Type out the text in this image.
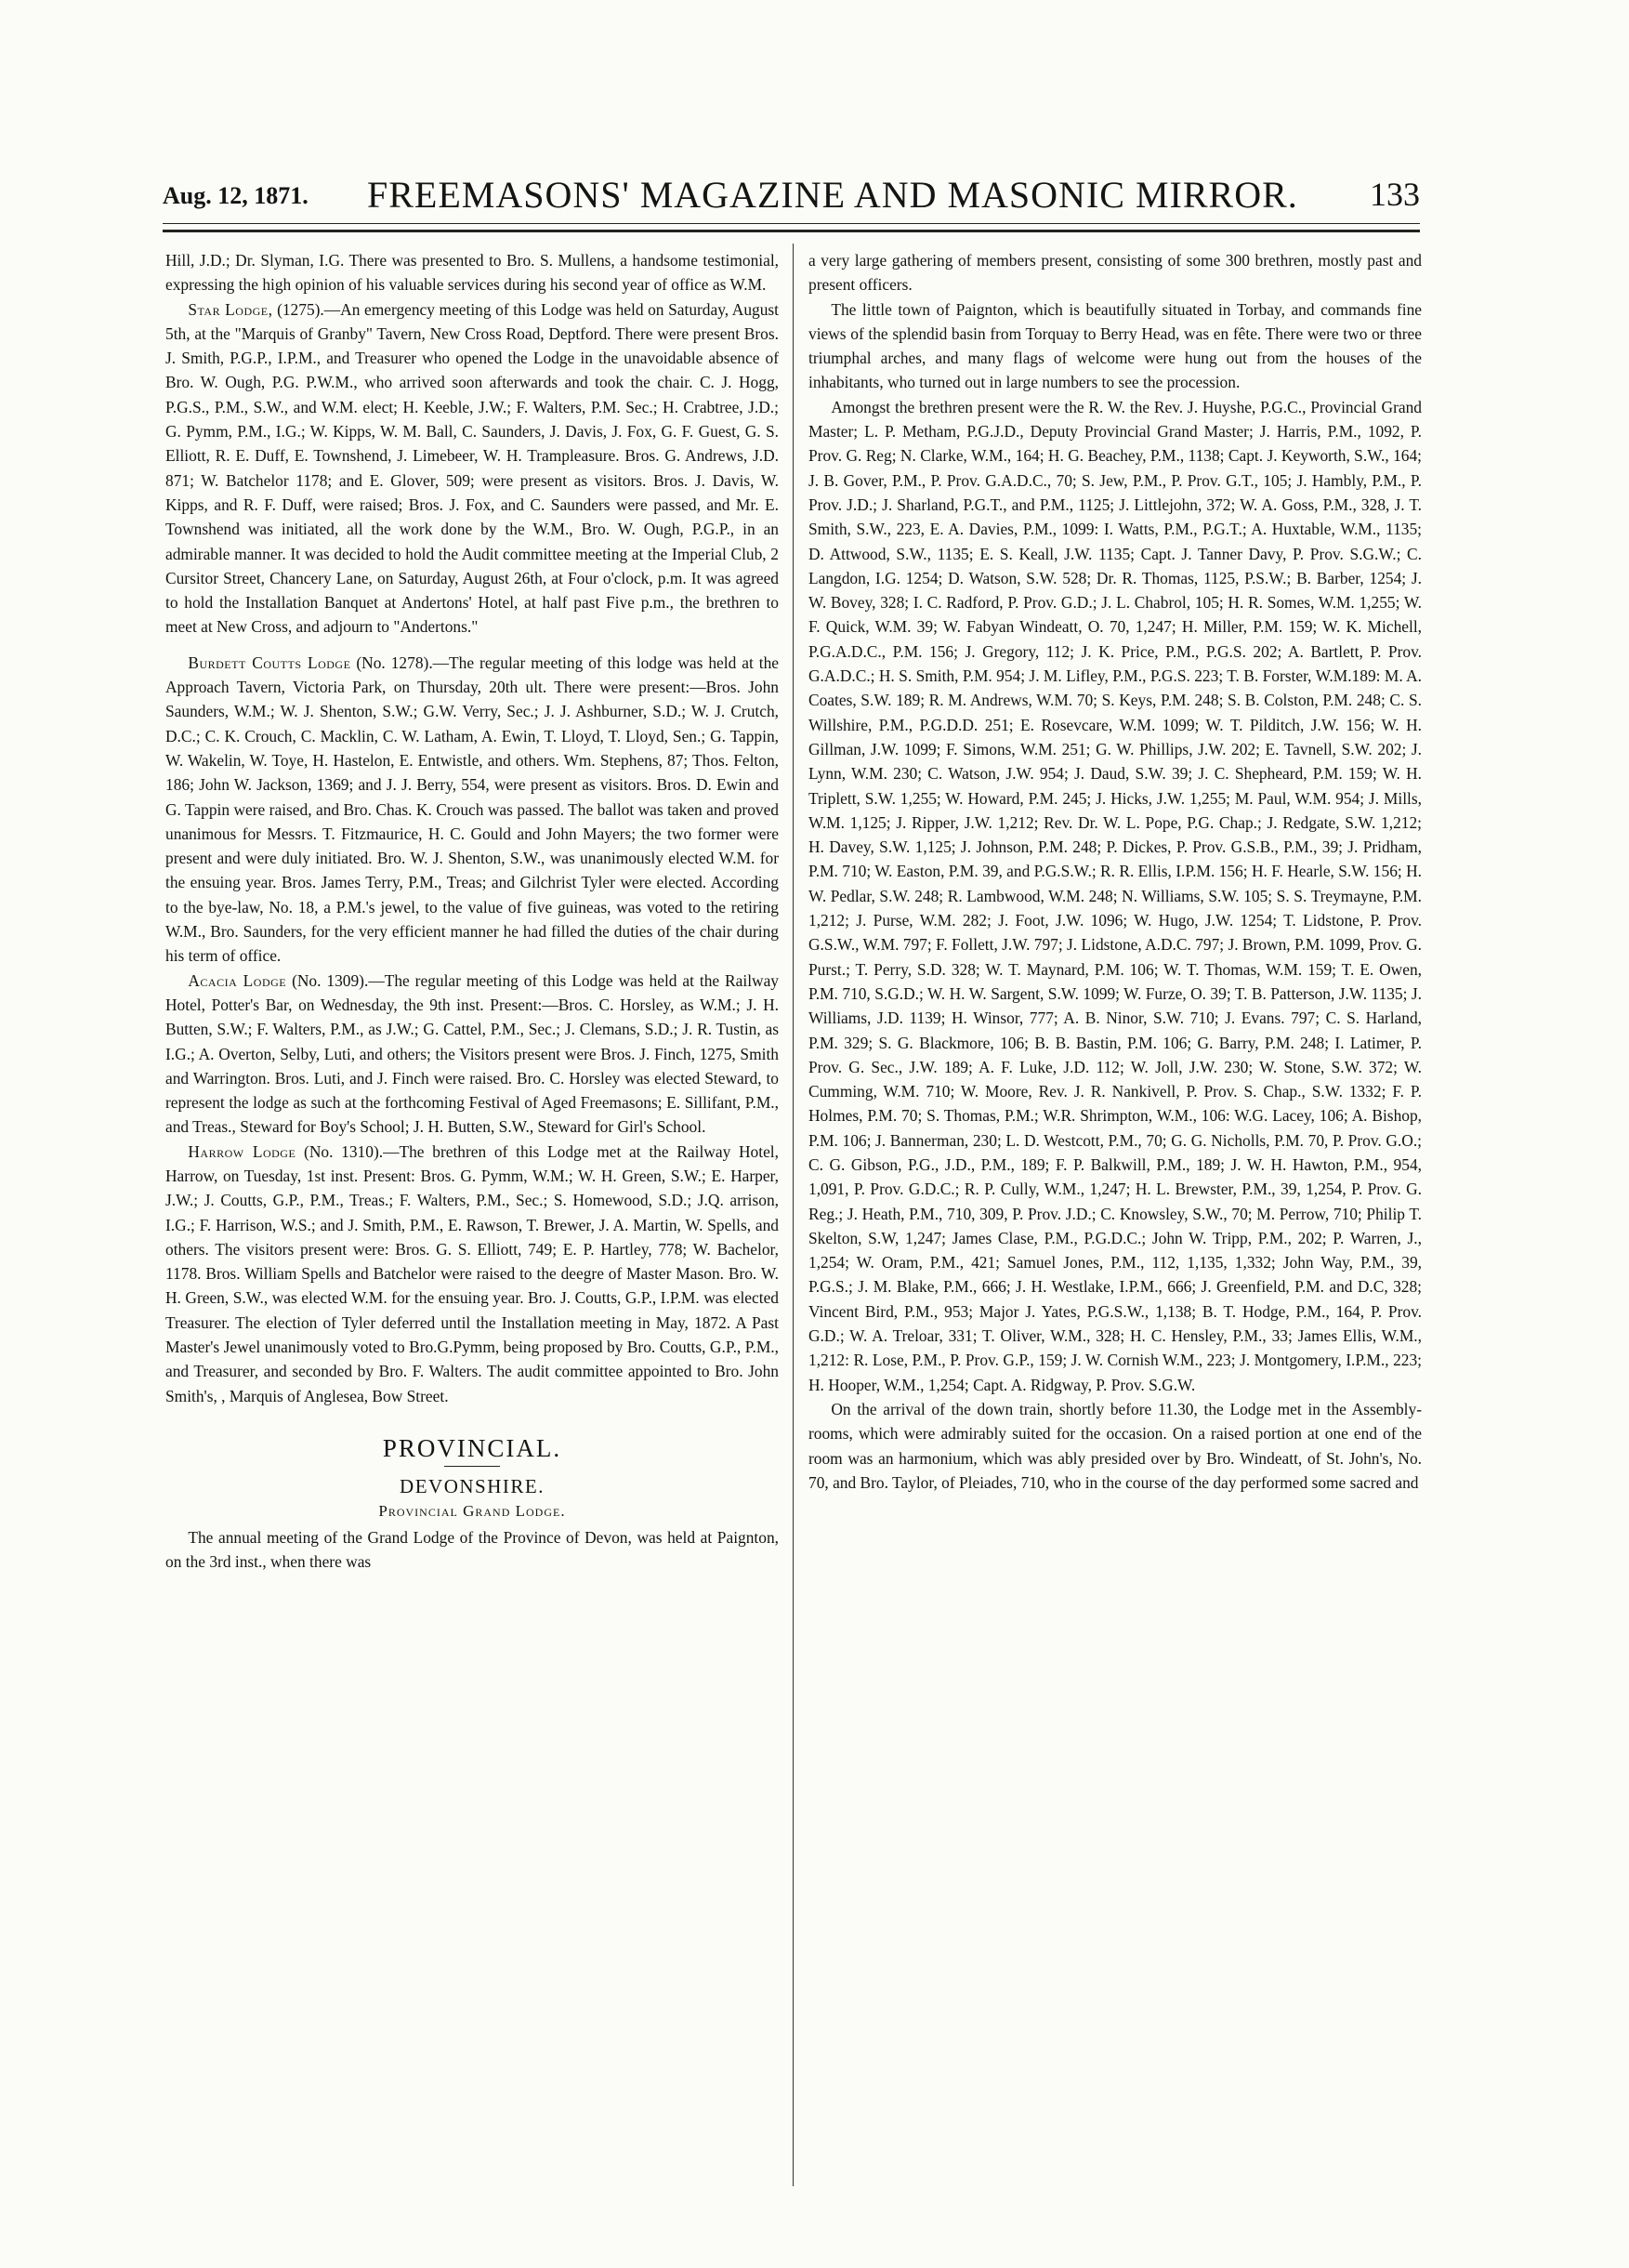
Aug. 12, 1871. FREEMASONS' MAGAZINE AND MASONIC MIRROR. 133

Hill, J.D.; Dr. Slyman, I.G. There was presented to Bro. S. Mullens, a handsome testimonial, expressing the high opinion of his valuable services during his second year of office as W.M.

Star Lodge, (1275).—An emergency meeting of this Lodge was held on Saturday, August 5th, at the "Marquis of Granby" Tavern, New Cross Road, Deptford. There were present Bros. J. Smith, P.G.P., I.P.M., and Treasurer who opened the Lodge in the unavoidable absence of Bro. W. Ough, P.G. P.W.M., who arrived soon afterwards and took the chair. C. J. Hogg, P.G.S., P.M., S.W., and W.M. elect; H. Keeble, J.W.; F. Walters, P.M. Sec.; H. Crabtree, J.D.; G. Pymm, P.M., I.G.; W. Kipps, W. M. Ball, C. Saunders, J. Davis, J. Fox, G. F. Guest, G. S. Elliott, R. E. Duff, E. Townshend, J. Limebeer, W. H. Trampleasure. Bros. G. Andrews, J.D. 871; W. Batchelor 1178; and E. Glover, 509; were present as visitors. Bros. J. Davis, W. Kipps, and R. F. Duff, were raised; Bros. J. Fox, and C. Saunders were passed, and Mr. E. Townshend was initiated, all the work done by the W.M., Bro. W. Ough, P.G.P., in an admirable manner. It was decided to hold the Audit committee meeting at the Imperial Club, 2 Cursitor Street, Chancery Lane, on Saturday, August 26th, at Four o'clock, p.m. It was agreed to hold the Installation Banquet at Andertons' Hotel, at half past Five p.m., the brethren to meet at New Cross, and adjourn to "Andertons."

Burdett Coutts Lodge (No. 1278).—The regular meeting of this lodge was held at the Approach Tavern, Victoria Park, on Thursday, 20th ult. There were present:—Bros. John Saunders, W.M.; W. J. Shenton, S.W.; G.W. Verry, Sec.; J. J. Ashburner, S.D.; W. J. Crutch, D.C.; C. K. Crouch, C. Macklin, C. W. Latham, A. Ewin, T. Lloyd, T. Lloyd, Sen.; G. Tappin, W. Wakelin, W. Toye, H. Hastelon, E. Entwistle, and others. Wm. Stephens, 87; Thos. Felton, 186; John W. Jackson, 1369; and J. J. Berry, 554, were present as visitors. Bros. D. Ewin and G. Tappin were raised, and Bro. Chas. K. Crouch was passed. The ballot was taken and proved unanimous for Messrs. T. Fitzmaurice, H. C. Gould and John Mayers; the two former were present and were duly initiated. Bro. W. J. Shenton, S.W., was unanimously elected W.M. for the ensuing year. Bros. James Terry, P.M., Treas; and Gilchrist Tyler were elected. According to the bye-law, No. 18, a P.M.'s jewel, to the value of five guineas, was voted to the retiring W.M., Bro. Saunders, for the very efficient manner he had filled the duties of the chair during his term of office.

Acacia Lodge (No. 1309).—The regular meeting of this Lodge was held at the Railway Hotel, Potter's Bar, on Wednesday, the 9th inst. Present:—Bros. C. Horsley, as W.M.; J. H. Butten, S.W.; F. Walters, P.M., as J.W.; G. Cattel, P.M., Sec.; J. Clemans, S.D.; J. R. Tustin, as I.G.; A. Overton, Selby, Luti, and others; the Visitors present were Bros. J. Finch, 1275, Smith and Warrington. Bros. Luti, and J. Finch were raised. Bro. C. Horsley was elected Steward, to represent the lodge as such at the forthcoming Festival of Aged Freemasons; E. Sillifant, P.M., and Treas., Steward for Boy's School; J. H. Butten, S.W., Steward for Girl's School.

Harrow Lodge (No. 1310).—The brethren of this Lodge met at the Railway Hotel, Harrow, on Tuesday, 1st inst. Present: Bros. G. Pymm, W.M.; W. H. Green, S.W.; E. Harper, J.W.; J. Coutts, G.P., P.M., Treas.; F. Walters, P.M., Sec.; S. Homewood, S.D.; J.Q. arrison, I.G.; F. Harrison, W.S.; and J. Smith, P.M., E. Rawson, T. Brewer, J. A. Martin, W. Spells, and others. The visitors present were: Bros. G. S. Elliott, 749; E. P. Hartley, 778; W. Bachelor, 1178. Bros. William Spells and Batchelor were raised to the deegre of Master Mason. Bro. W. H. Green, S.W., was elected W.M. for the ensuing year. Bro. J. Coutts, G.P., I.P.M. was elected Treasurer. The election of Tyler deferred until the Installation meeting in May, 1872. A Past Master's Jewel unanimously voted to Bro.G.Pymm, being proposed by Bro. Coutts, G.P., P.M., and Treasurer, and seconded by Bro. F. Walters. The audit committee appointed to Bro. John Smith's, , Marquis of Anglesea, Bow Street.

PROVINCIAL.
DEVONSHIRE.
Provincial Grand Lodge.

The annual meeting of the Grand Lodge of the Province of Devon, was held at Paignton, on the 3rd inst., when there was

a very large gathering of members present, consisting of some 300 brethren, mostly past and present officers.

The little town of Paignton, which is beautifully situated in Torbay, and commands fine views of the splendid basin from Torquay to Berry Head, was en fête. There were two or three triumphal arches, and many flags of welcome were hung out from the houses of the inhabitants, who turned out in large numbers to see the procession.

Amongst the brethren present were the R. W. the Rev. J. Huyshe, P.G.C., Provincial Grand Master; L. P. Metham, P.G.J.D., Deputy Provincial Grand Master; J. Harris, P.M., 1092, P. Prov. G. Reg; N. Clarke, W.M., 164; H. G. Beachey, P.M., 1138; Capt. J. Keyworth, S.W., 164; J. B. Gover, P.M., P. Prov. G.A.D.C., 70; S. Jew, P.M., P. Prov. G.T., 105; J. Hambly, P.M., P. Prov. J.D.; J. Sharland, P.G.T., and P.M., 1125; J. Littlejohn, 372; W. A. Goss, P.M., 328, J. T. Smith, S.W., 223, E. A. Davies, P.M., 1099: I. Watts, P.M., P.G.T.; A. Huxtable, W.M., 1135; D. Attwood, S.W., 1135; E. S. Keall, J.W. 1135; Capt. J. Tanner Davy, P. Prov. S.G.W.; C. Langdon, I.G. 1254; D. Watson, S.W. 528; Dr. R. Thomas, 1125, P.S.W.; B. Barber, 1254; J. W. Bovey, 328; I. C. Radford, P. Prov. G.D.; J. L. Chabrol, 105; H. R. Somes, W.M. 1,255; W. F. Quick, W.M. 39; W. Fabyan Windeatt, O. 70, 1,247; H. Miller, P.M. 159; W. K. Michell, P.G.A.D.C., P.M. 156; J. Gregory, 112; J. K. Price, P.M., P.G.S. 202; A. Bartlett, P. Prov. G.A.D.C.; H. S. Smith, P.M. 954; J. M. Lifley, P.M., P.G.S. 223; T. B. Forster, W.M.189: M. A. Coates, S.W. 189; R. M. Andrews, W.M. 70; S. Keys, P.M. 248; S. B. Colston, P.M. 248; C. S. Willshire, P.M., P.G.D.D. 251; E. Rosevcare, W.M. 1099; W. T. Pilditch, J.W. 156; W. H. Gillman, J.W. 1099; F. Simons, W.M. 251; G. W. Phillips, J.W. 202; E. Tavnell, S.W. 202; J. Lynn, W.M. 230; C. Watson, J.W. 954; J. Daud, S.W. 39; J. C. Shepheard, P.M. 159; W. H. Triplett, S.W. 1,255; W. Howard, P.M. 245; J. Hicks, J.W. 1,255; M. Paul, W.M. 954; J. Mills, W.M. 1,125; J. Ripper, J.W. 1,212; Rev. Dr. W. L. Pope, P.G. Chap.; J. Redgate, S.W. 1,212; H. Davey, S.W. 1,125; J. Johnson, P.M. 248; P. Dickes, P. Prov. G.S.B., P.M., 39; J. Pridham, P.M. 710; W. Easton, P.M. 39, and P.G.S.W.; R. R. Ellis, I.P.M. 156; H. F. Hearle, S.W. 156; H. W. Pedlar, S.W. 248; R. Lambwood, W.M. 248; N. Williams, S.W. 105; S. S. Treymayne, P.M. 1,212; J. Purse, W.M. 282; J. Foot, J.W. 1096; W. Hugo, J.W. 1254; T. Lidstone, P. Prov. G.S.W., W.M. 797; F. Follett, J.W. 797; J. Lidstone, A.D.C. 797; J. Brown, P.M. 1099, Prov. G. Purst.; T. Perry, S.D. 328; W. T. Maynard, P.M. 106; W. T. Thomas, W.M. 159; T. E. Owen, P.M. 710, S.G.D.; W. H. W. Sargent, S.W. 1099; W. Furze, O. 39; T. B. Patterson, J.W. 1135; J. Williams, J.D. 1139; H. Winsor, 777; A. B. Ninor, S.W. 710; J. Evans. 797; C. S. Harland, P.M. 329; S. G. Blackmore, 106; B. B. Bastin, P.M. 106; G. Barry, P.M. 248; I. Latimer, P. Prov. G. Sec., J.W. 189; A. F. Luke, J.D. 112; W. Joll, J.W. 230; W. Stone, S.W. 372; W. Cumming, W.M. 710; W. Moore, Rev. J. R. Nankivell, P. Prov. S. Chap., S.W. 1332; F. P. Holmes, P.M. 70; S. Thomas, P.M.; W.R. Shrimpton, W.M., 106: W.G. Lacey, 106; A. Bishop, P.M. 106; J. Bannerman, 230; L. D. Westcott, P.M., 70; G. G. Nicholls, P.M. 70, P. Prov. G.O.; C. G. Gibson, P.G., J.D., P.M., 189; F. P. Balkwill, P.M., 189; J. W. H. Hawton, P.M., 954, 1,091, P. Prov. G.D.C.; R. P. Cully, W.M., 1,247; H. L. Brewster, P.M., 39, 1,254, P. Prov. G. Reg.; J. Heath, P.M., 710, 309, P. Prov. J.D.; C. Knowsley, S.W., 70; M. Perrow, 710; Philip T. Skelton, S.W, 1,247; James Clase, P.M., P.G.D.C.; John W. Tripp, P.M., 202; P. Warren, J., 1,254; W. Oram, P.M., 421; Samuel Jones, P.M., 112, 1,135, 1,332; John Way, P.M., 39, P.G.S.; J. M. Blake, P.M., 666; J. H. Westlake, I.P.M., 666; J. Greenfield, P.M. and D.C, 328; Vincent Bird, P.M., 953; Major J. Yates, P.G.S.W., 1,138; B. T. Hodge, P.M., 164, P. Prov. G.D.; W. A. Treloar, 331; T. Oliver, W.M., 328; H. C. Hensley, P.M., 33; James Ellis, W.M., 1,212: R. Lose, P.M., P. Prov. G.P., 159; J. W. Cornish W.M., 223; J. Montgomery, I.P.M., 223; H. Hooper, W.M., 1,254; Capt. A. Ridgway, P. Prov. S.G.W.

On the arrival of the down train, shortly before 11.30, the Lodge met in the Assembly-rooms, which were admirably suited for the occasion. On a raised portion at one end of the room was an harmonium, which was ably presided over by Bro. Windeatt, of St. John's, No. 70, and Bro. Taylor, of Pleiades, 710, who in the course of the day performed some sacred and
